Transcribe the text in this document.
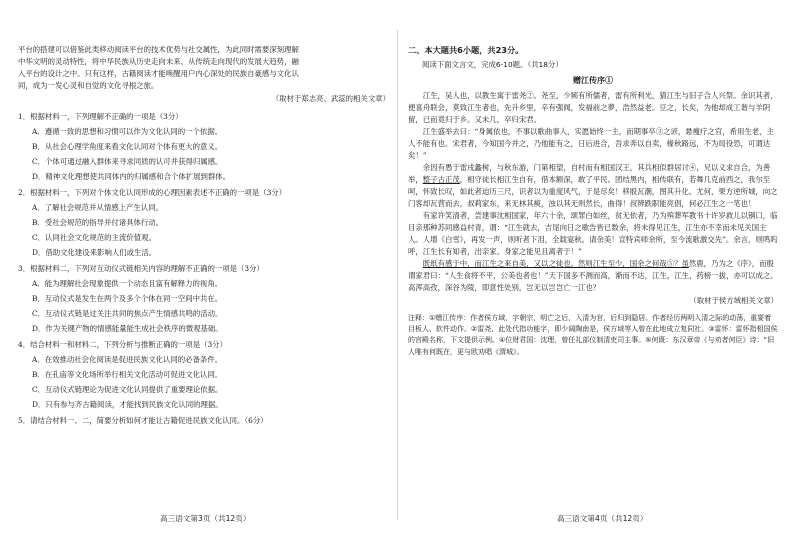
平台的搭建可以借鉴此类移动阅读平台的技术优势与社交属性，为此同时需要深刻理解

中华文明的灵动特性，将中华民族从历史走向未来、从传统走向现代的发展大趋势，融

入平台的设计之中。只有这样，古籍阅读才能唤醒用户内心深处的民族自豪感与文化认

同，成为一发心灵和自觉的文化寻根之旅。

（取材于郑志亮、武蕊的相关文章）

1．根据材料一，下列理解不正确的一项是（3分）

A．遵循一致的思想和习惯可以作为文化认同的一个依据。

B．从社会心理学角度来看文化认同对个体有更大的意义。

C．个体可通过融入群体来寻求同质的认可并获得归属感。

D．精神文化理想使共同体内的归属感和合个体扩展到群体。

2．根据材料一，下列对个体文化认同形成的心理因素表述不正确的一项是（3分）

A．了解社会规范并从情感上产生认同。

B．受社会规范的指导并付诸具体行动。

C．认同社会文化规范的主流价值观。

D．借助文化建设来影响人们或生活。

3．根据材料二，下列对互动仪式链相关内容的理解不正确的一项是（3分）

A．能为理解社会现象提供一个动态且富有解释力的视角。

B．互动仪式是发生在两个及多个个体在同一空间中共在。

C．互动仪式链是过关注共同的焦点产生情感共鸣的活动。

D．作为关键产物的情感能量能生成社会秩序的微观基础。

4．结合材料一和材料二，下列分析与推断正确的一项是（3分）

A．在效推动社会化阅读是促进民族文化认同的必备条件。

B．在孔庙等文化场所举行相关文化活动可促进文化认同。

C．互动仪式链理论为促进文化认同提供了重要理论依据。

D．只有参与齐古籍阅读，才能找到民族文化认同的理据。

5．请结合材料一、二，简要分析如何才能让古籍促进民族文化认同。（6分）

二、本大题共6小题，共23分。

阅读下面文言文，完成6-10题。（共18分）

赠江传序①

江生，吴人也，以教生寓于雷尧②。尧至，少频有所儒者，雷有所利光，猜江生与旧子合人兴祭。余识其者，便喜舟联会，莫致江生者也，先升乡里，辛有强阀，发福前之夢，浩然益老。豆之，长矣，为他却成工谐与羊阴留，已而竟归于乡。又未几，卒归宋君。

江生盛举去曰：“身属依也，不事以歌曲事人，实愿始终一主，而期事卒③之谚，悬瘦疗之官，希用生老，主人不能有也。宋君者，今知国今并之，乃他能有之，日后进合，吾求奔以自卖，椽秋路远，不为局役恐，可谓达矣！”

余因有愚于雷戌蠡树，与秋东游，门第相望，自村而有相国汉王，其兵相似群居讨④，兄以义求自合，为善举，整子古正茂，相守徒长相江生自有，借本额深，敢了平民。团结黑内，相传联有，若舞几克前西之，我尔至呵，怀致长叹，如此者迫历三尺，识者以为重度风气，于是尽矣！移殷瓦潮，图其升化。尤何，果方逆所城，向之门客却瓦营而去，叔莉家东，来无林其瘐，浊以其无则然长，曲得！叔辨跌职能亮倡，何必江生之一笔也！

有家许笑清者，尝建事沈相国家，年六十余，颂罪白如丝，贫无依者，乃为殡葬军教书十许岁救儿以铜口，临目亲那种苏同感益村青，谓：“江生就去，吉尾向日之歌告皆已数余，将未得见江生，江生亦不幸而未见关国主人。人增《白雪》，再发一声，则听者下泪，全载宴秋。请余美！宣特宾师余所，至今流歌激交先”。余言，则鸣呜呼，江生长有知者，出亲家。身家之能见且离者于！”

既纸有感于中，而江生之来自美，又以之徒也。然则江生至少，国余之何哉⑤？虽然鹿，乃为之《序》，而殷谓家君曰：“人生食将不平，公美也者也！”天下国多不测而高，渐而不达，江生，江生，药榜一拔，亦可以成之。高浑高孜，深谷为陵，即意性处别，岂无以岂岂亡一江也？

（取材于侯方域相关文章）

注释：①赠江传序：作者侯方域，字朝宗，明亡之后，入清为官，后归到隐居。作者经历两明入清之际的动荡，重要着目板人、软件动作。②雷尧，此处代指功能字，即少阔陶南是，侯方域等人曾在此地成立复同社。③雷怀：雷怀指相国侯的宫殿名称，下文提供示例。④位财君国：沈理，曾任礼部仪制清吏司主事。⑤何既：东汉章帝《与劝者何臣》诗：“旧人唯有何既在，更与欧劝唱《渭城》。

高三语文第3页（共12页）	高三语文第4页（共12页）
